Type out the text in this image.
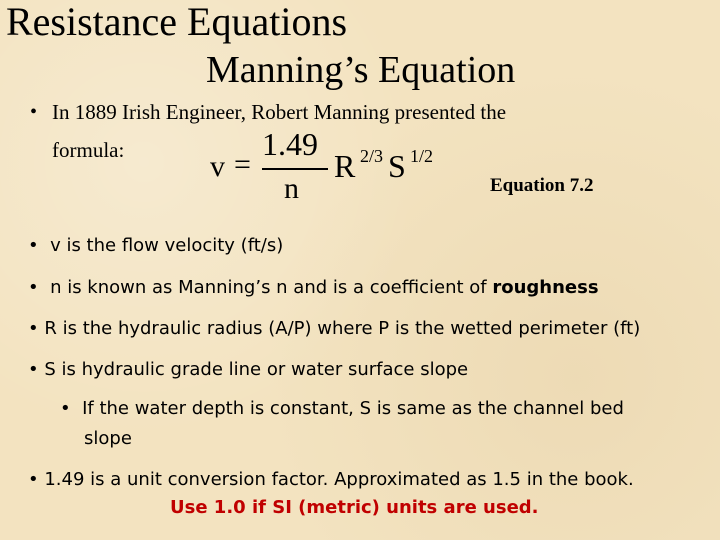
Resistance Equations
Manning’s Equation
• In 1889 Irish Engineer, Robert Manning presented the
formula:	v =
1.49
n
R 2/3 S 1/2
Equation 7.2
• v is the flow velocity (ft/s)
• n is known as Manning’s n and is a coefficient of roughness
• R is the hydraulic radius (A/P) where P is the wetted perimeter (ft)
• S is hydraulic grade line or water surface slope
• If the water depth is constant, S is same as the channel bed
slope
• 1.49 is a unit conversion factor. Approximated as 1.5 in the book.
Use 1.0 if SI (metric) units are used.
